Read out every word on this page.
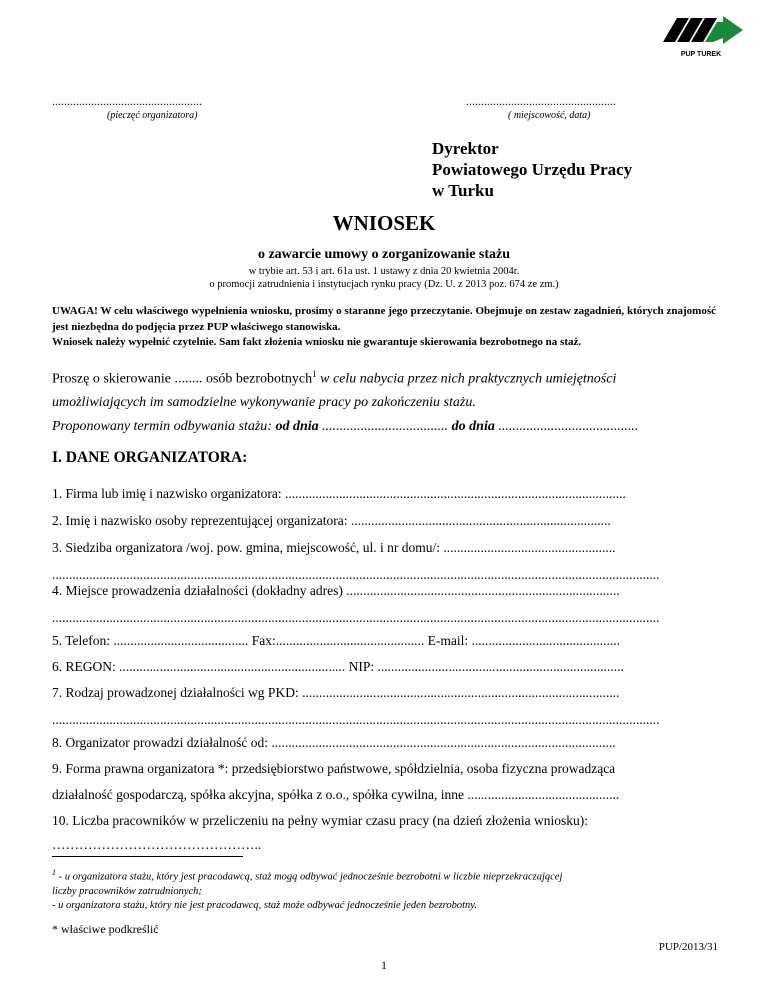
PUP TUREK
..................................................
(pieczęć organizatora)
..................................................
( miejscowość, data)
Dyrektor
Powiatowego Urzędu Pracy
w Turku
WNIOSEK
o zawarcie umowy o zorganizowanie stażu
w trybie art. 53 i art. 61a ust. 1 ustawy z dnia 20 kwietnia 2004r.
o promocji zatrudnienia i instytucjach rynku pracy (Dz. U. z 2013 poz. 674 ze zm.)
UWAGA! W celu właściwego wypełnienia wniosku, prosimy o staranne jego przeczytanie. Obejmuje on zestaw zagadnień, których znajomość jest niezbędna do podjęcia przez PUP właściwego stanowiska.
Wniosek należy wypełnić czytelnie. Sam fakt złożenia wniosku nie gwarantuje skierowania bezrobotnego na staż.
Proszę o skierowanie ........ osób bezrobotnych$^1$ w celu nabycia przez nich praktycznych umiejętności
umożliwiających im samodzielne wykonywanie pracy po zakończeniu stażu.
Proponowany termin odbywania stażu: od dnia .................................... do dnia ........................................
I. DANE ORGANIZATORA:
1. Firma lub imię i nazwisko organizatora: .....................................................................................................
2. Imię i nazwisko osoby reprezentującej organizatora: .............................................................................
3. Siedziba organizatora /woj. pow. gmina, miejscowość, ul. i nr domu/: ...................................................
....................................................................................................................................................................................
4. Miejsce prowadzenia działalności (dokładny adres) .................................................................................
....................................................................................................................................................................................
5. Telefon: ........................................ Fax:............................................ E-mail: ............................................
6. REGON: ................................................................... NIP: .........................................................................
7. Rodzaj prowadzonej działalności wg PKD: ..............................................................................................
....................................................................................................................................................................................
8. Organizator prowadzi działalność od: ......................................................................................................
9. Forma prawna organizatora *: przedsiębiorstwo państwowe, spółdzielnia, osoba fizyczna prowadząca
działalność gospodarczą, spółka akcyjna, spółka z o.o., spółka cywilna, inne .............................................
10. Liczba pracowników w przeliczeniu na pełny wymiar czasu pracy (na dzień złożenia wniosku):
………………………………………..
$^1$ - u organizatora stażu, który jest pracodawcą, staż mogą odbywać jednocześnie bezrobotni w liczbie nieprzekraczającej
liczby pracowników zatrudnionych;
- u organizatora stażu, który nie jest pracodawcą, staż może odbywać jednocześnie jeden bezrobotny.
* właściwe podkreślić
PUP/2013/31
1
